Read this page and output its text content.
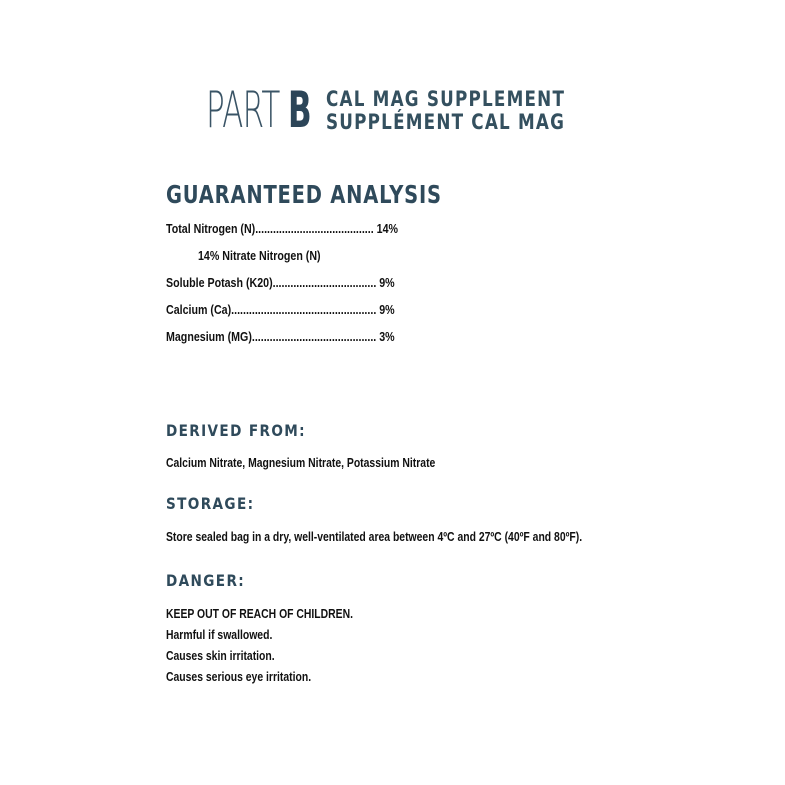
PART B CAL MAG SUPPLEMENT
SUPPLÉMENT CAL MAG
GUARANTEED ANALYSIS
Total Nitrogen (N)........................................ 14%
14% Nitrate Nitrogen (N)
Soluble Potash (K20)................................... 9%
Calcium (Ca)................................................. 9%
Magnesium (MG).......................................... 3%
DERIVED FROM:
Calcium Nitrate, Magnesium Nitrate, Potassium Nitrate
STORAGE:
Store sealed bag in a dry, well-ventilated area between 4ºC and 27ºC (40ºF and 80ºF).
DANGER:
KEEP OUT OF REACH OF CHILDREN.
Harmful if swallowed.
Causes skin irritation.
Causes serious eye irritation.
